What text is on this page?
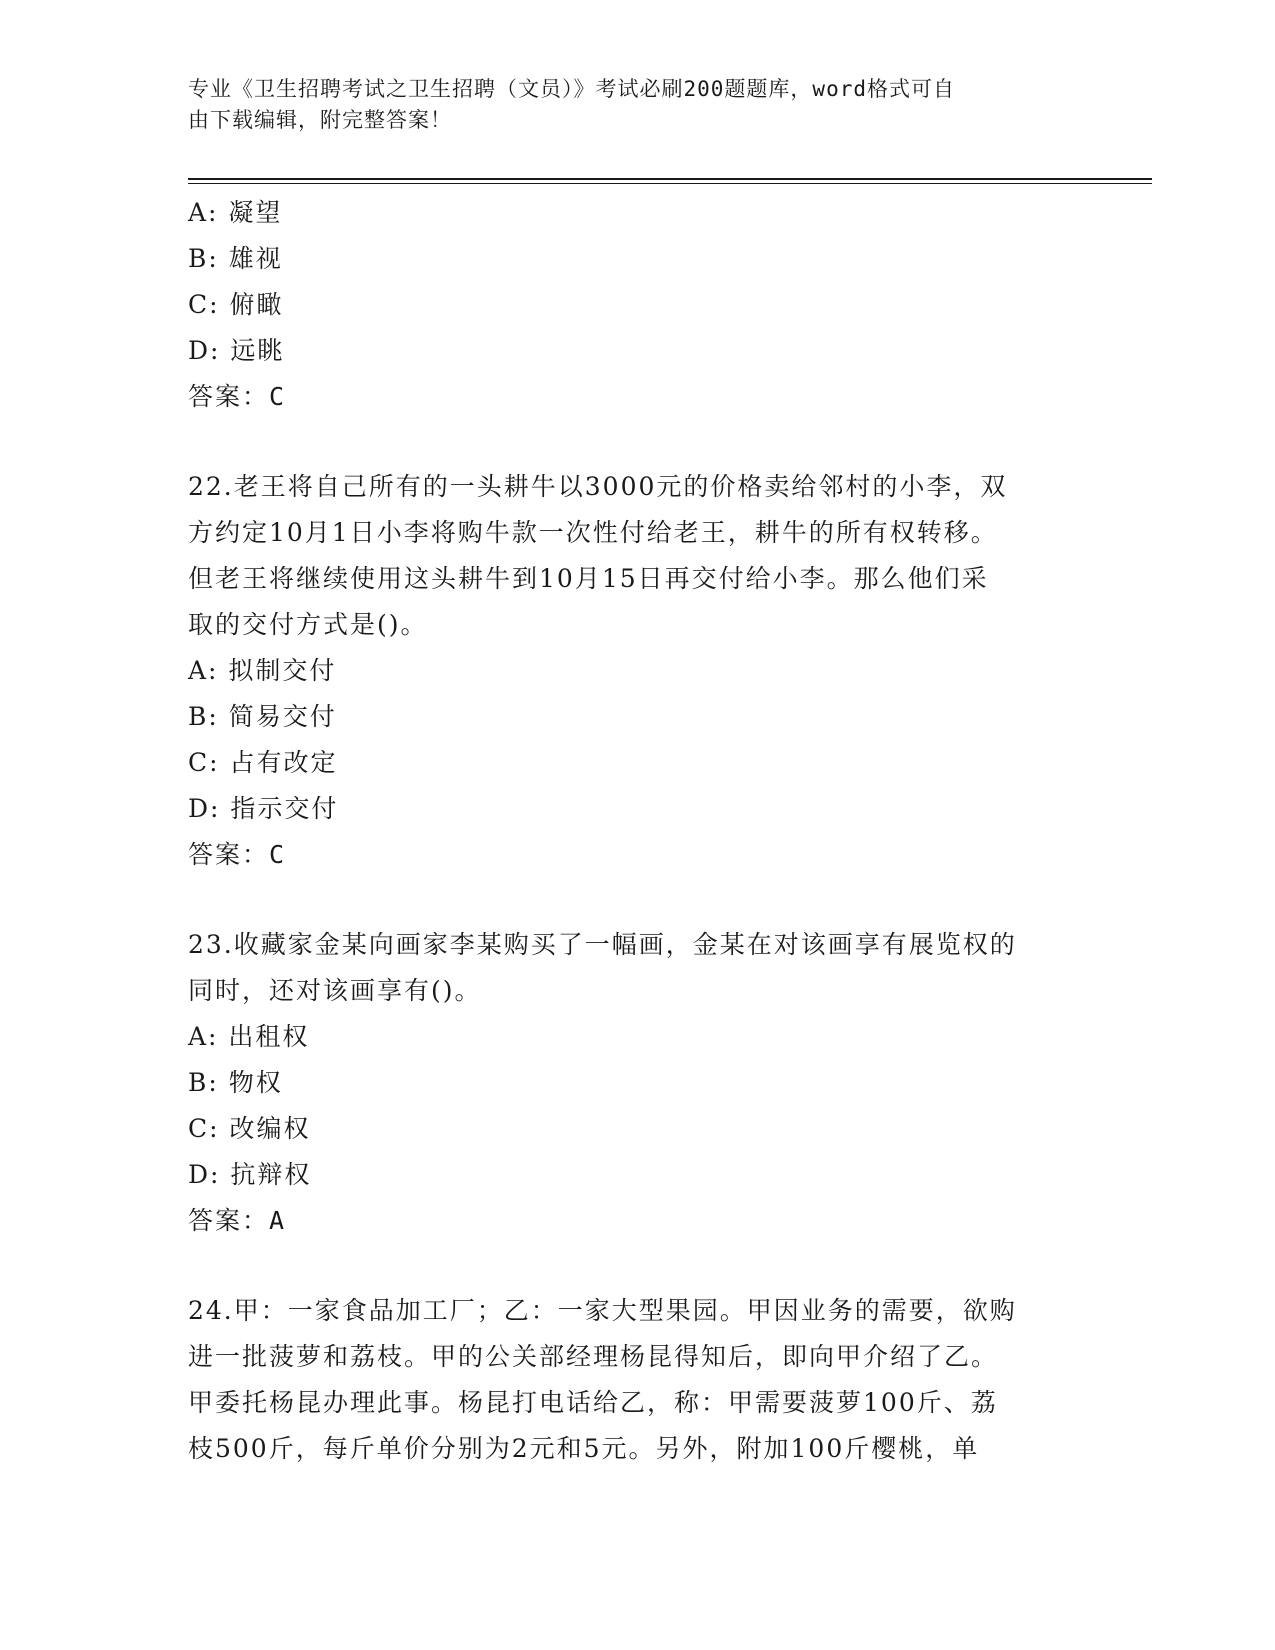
专业《卫生招聘考试之卫生招聘（文员）》考试必刷200题题库，word格式可自
由下载编辑，附完整答案！
A: 凝望
B: 雄视
C: 俯瞰
D: 远眺
答案：C
22.老王将自己所有的一头耕牛以3000元的价格卖给邻村的小李，双
方约定10月1日小李将购牛款一次性付给老王，耕牛的所有权转移。
但老王将继续使用这头耕牛到10月15日再交付给小李。那么他们采
取的交付方式是()。
A: 拟制交付
B: 简易交付
C: 占有改定
D: 指示交付
答案：C
23.收藏家金某向画家李某购买了一幅画，金某在对该画享有展览权的
同时，还对该画享有()。
A: 出租权
B: 物权
C: 改编权
D: 抗辩权
答案：A
24.甲：一家食品加工厂；乙：一家大型果园。甲因业务的需要，欲购
进一批菠萝和荔枝。甲的公关部经理杨昆得知后，即向甲介绍了乙。
甲委托杨昆办理此事。杨昆打电话给乙，称：甲需要菠萝100斤、荔
枝500斤，每斤单价分别为2元和5元。另外，附加100斤樱桃，单
